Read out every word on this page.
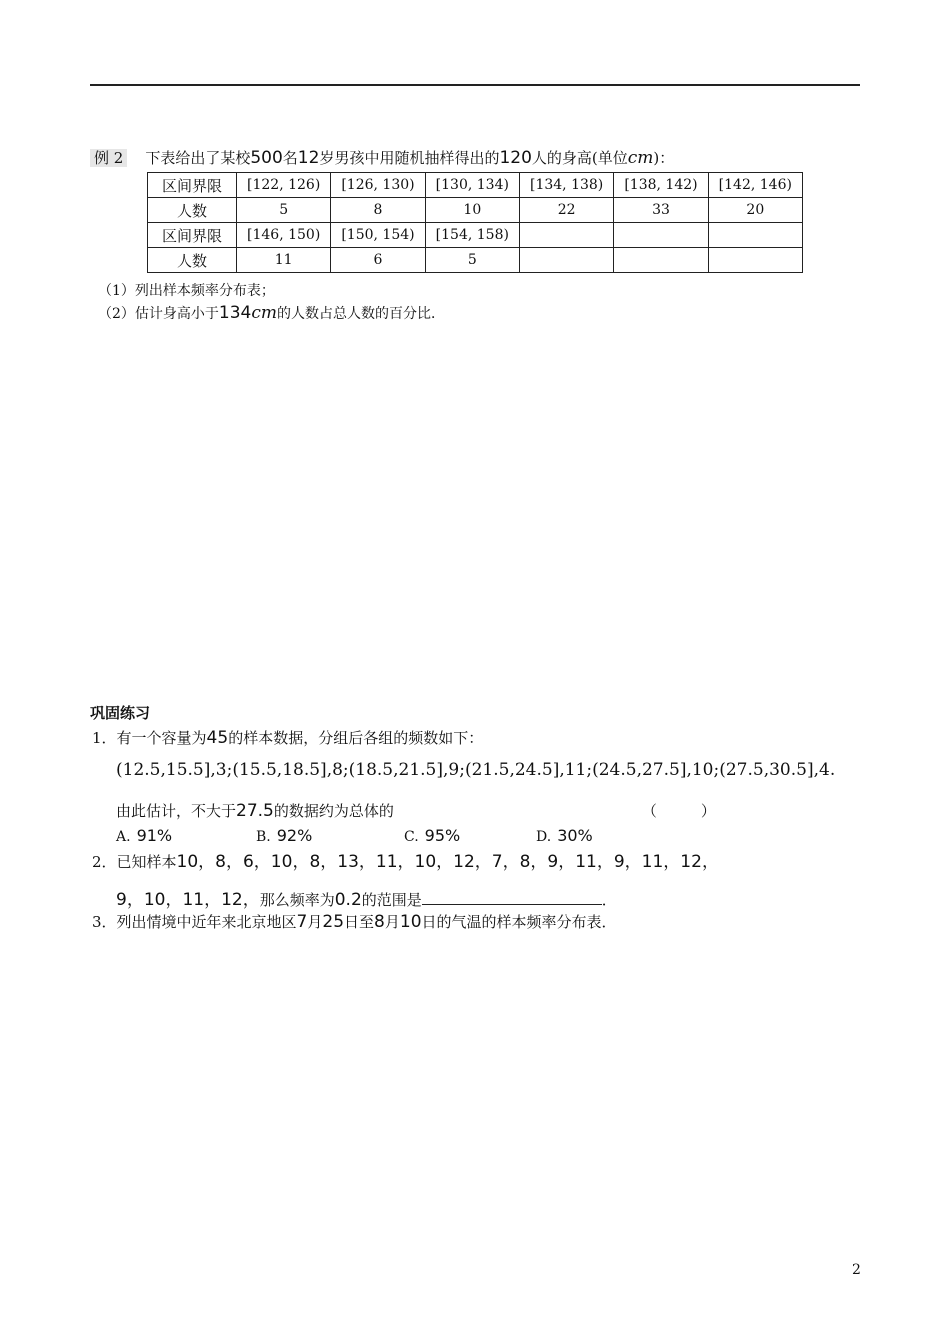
例 2 下表给出了某校500名12岁男孩中用随机抽样得出的120人的身高(单位cm)：
区间界限	[122, 126)	[126, 130)	[130, 134)	[134, 138)	[138, 142)	[142, 146)
人数	5	8	10	22	33	20
区间界限	[146, 150)	[150, 154)	[154, 158)			
人数	11	6	5			
（1）列出样本频率分布表；
（2）估计身高小于134cm的人数占总人数的百分比．
巩固练习
1．有一个容量为45的样本数据，分组后各组的频数如下：
(12.5,15.5],3;(15.5,18.5],8;(18.5,21.5],9;(21.5,24.5],11;(24.5,27.5],10;(27.5,30.5],4.
由此估计，不大于27.5的数据约为总体的	（	）
A. 91%	B. 92%	C. 95%	D. 30%
2．已知样本10，8，6，10，8，13，11，10，12，7，8，9，11，9，11，12，
9，10，11，12，那么频率为0.2的范围是	．
3．列出情境中近年来北京地区7月25日至8月10日的气温的样本频率分布表．
2
